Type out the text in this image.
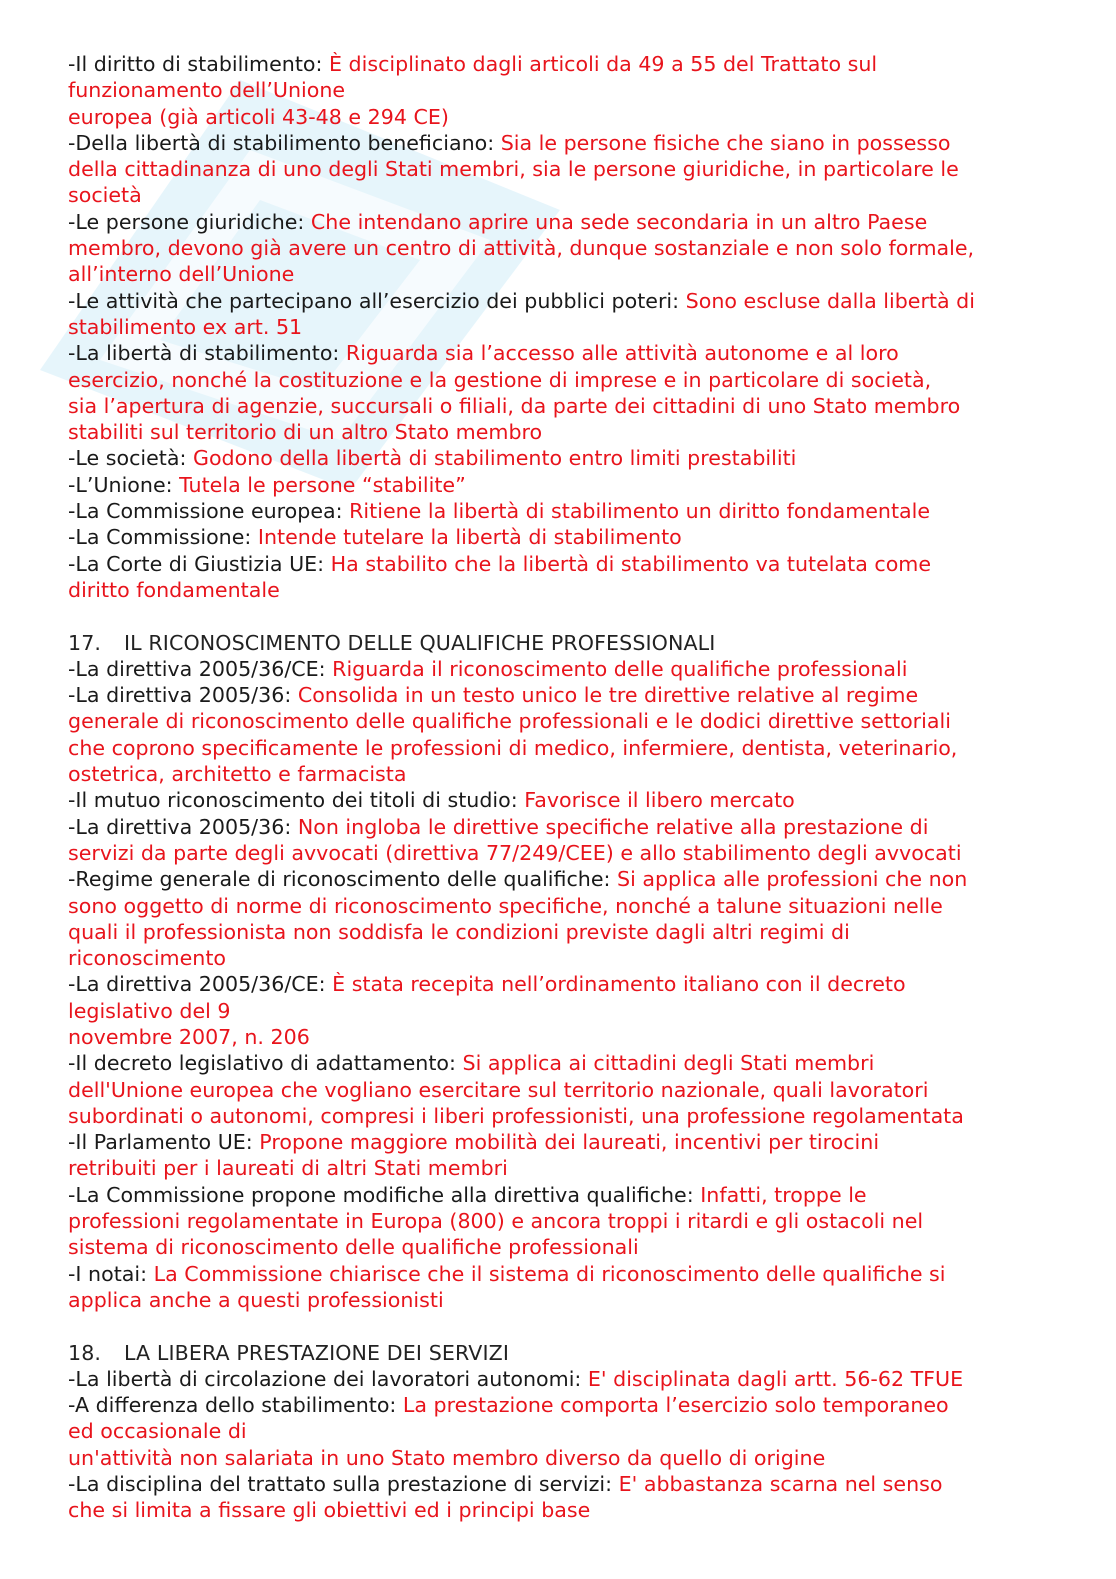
-Il diritto di stabilimento: È disciplinato dagli articoli da 49 a 55 del Trattato sul
funzionamento dell’Unione
europea (già articoli 43-48 e 294 CE)
-Della libertà di stabilimento beneficiano: Sia le persone fisiche che siano in possesso
della cittadinanza di uno degli Stati membri, sia le persone giuridiche, in particolare le
società
-Le persone giuridiche: Che intendano aprire una sede secondaria in un altro Paese
membro, devono già avere un centro di attività, dunque sostanziale e non solo formale,
all’interno dell’Unione
-Le attività che partecipano all’esercizio dei pubblici poteri: Sono escluse dalla libertà di
stabilimento ex art. 51
-La libertà di stabilimento: Riguarda sia l’accesso alle attività autonome e al loro
esercizio, nonché la costituzione e la gestione di imprese e in particolare di società,
sia l’apertura di agenzie, succursali o filiali, da parte dei cittadini di uno Stato membro
stabiliti sul territorio di un altro Stato membro
-Le società: Godono della libertà di stabilimento entro limiti prestabiliti
-L’Unione: Tutela le persone “stabilite”
-La Commissione europea: Ritiene la libertà di stabilimento un diritto fondamentale
-La Commissione: Intende tutelare la libertà di stabilimento
-La Corte di Giustizia UE: Ha stabilito che la libertà di stabilimento va tutelata come
diritto fondamentale
17. IL RICONOSCIMENTO DELLE QUALIFICHE PROFESSIONALI
-La direttiva 2005/36/CE: Riguarda il riconoscimento delle qualifiche professionali
-La direttiva 2005/36: Consolida in un testo unico le tre direttive relative al regime
generale di riconoscimento delle qualifiche professionali e le dodici direttive settoriali
che coprono specificamente le professioni di medico, infermiere, dentista, veterinario,
ostetrica, architetto e farmacista
-Il mutuo riconoscimento dei titoli di studio: Favorisce il libero mercato
-La direttiva 2005/36: Non ingloba le direttive specifiche relative alla prestazione di
servizi da parte degli avvocati (direttiva 77/249/CEE) e allo stabilimento degli avvocati
-Regime generale di riconoscimento delle qualifiche: Si applica alle professioni che non
sono oggetto di norme di riconoscimento specifiche, nonché a talune situazioni nelle
quali il professionista non soddisfa le condizioni previste dagli altri regimi di
riconoscimento
-La direttiva 2005/36/CE: È stata recepita nell’ordinamento italiano con il decreto
legislativo del 9
novembre 2007, n. 206
-Il decreto legislativo di adattamento: Si applica ai cittadini degli Stati membri
dell'Unione europea che vogliano esercitare sul territorio nazionale, quali lavoratori
subordinati o autonomi, compresi i liberi professionisti, una professione regolamentata
-Il Parlamento UE: Propone maggiore mobilità dei laureati, incentivi per tirocini
retribuiti per i laureati di altri Stati membri
-La Commissione propone modifiche alla direttiva qualifiche: Infatti, troppe le
professioni regolamentate in Europa (800) e ancora troppi i ritardi e gli ostacoli nel
sistema di riconoscimento delle qualifiche professionali
-I notai: La Commissione chiarisce che il sistema di riconoscimento delle qualifiche si
applica anche a questi professionisti
18. LA LIBERA PRESTAZIONE DEI SERVIZI
-La libertà di circolazione dei lavoratori autonomi: E' disciplinata dagli artt. 56-62 TFUE
-A differenza dello stabilimento: La prestazione comporta l’esercizio solo temporaneo
ed occasionale di
un'attività non salariata in uno Stato membro diverso da quello di origine
-La disciplina del trattato sulla prestazione di servizi: E' abbastanza scarna nel senso
che si limita a fissare gli obiettivi ed i principi base
